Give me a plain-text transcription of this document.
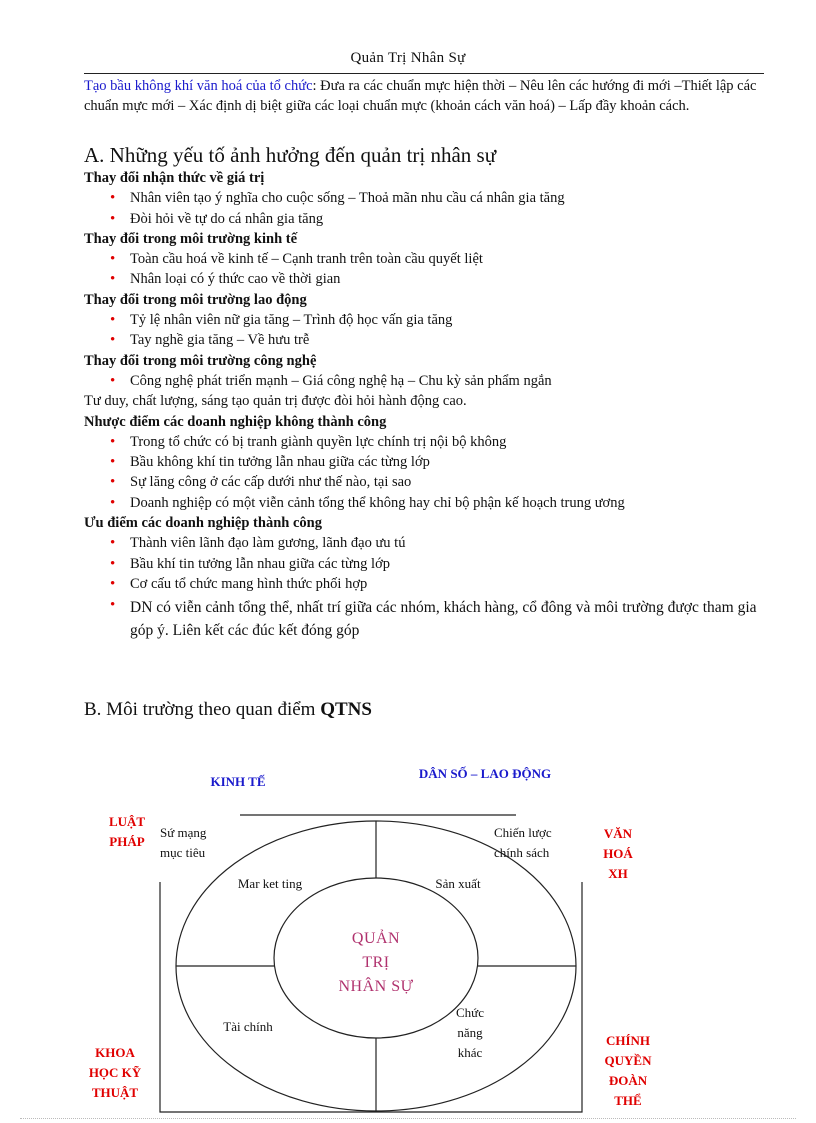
Quản Trị Nhân Sự
Tạo bầu không khí văn hoá của tổ chức: Đưa ra các chuẩn mực hiện thời – Nêu lên các hướng đi mới –Thiết lập các chuẩn mực mới – Xác định dị biệt giữa các loại chuẩn mực (khoản cách văn hoá) – Lấp đầy khoản cách.
A. Những yếu tố ảnh hưởng đến quản trị nhân sự
Thay đổi nhận thức về giá trị
• Nhân viên tạo ý nghĩa cho cuộc sống – Thoả mãn nhu cầu cá nhân gia tăng
• Đòi hỏi về tự do cá nhân gia tăng
Thay đổi trong môi trường kinh tế
• Toàn cầu hoá về kinh tế – Cạnh tranh trên toàn cầu quyết liệt
• Nhân loại có ý thức cao về thời gian
Thay đổi trong môi trường lao động
• Tỷ lệ nhân viên nữ gia tăng – Trình độ học vấn gia tăng
• Tay nghề gia tăng – Về hưu trễ
Thay đổi trong môi trường công nghệ
• Công nghệ phát triển mạnh – Giá công nghệ hạ – Chu kỳ sản phẩm ngắn
Tư duy, chất lượng, sáng tạo quản trị được đòi hỏi hành động cao.
Nhược điểm các doanh nghiệp không thành công
• Trong tổ chức có bị tranh giành quyền lực chính trị nội bộ không
• Bầu không khí tin tưởng lẫn nhau giữa các từng lớp
• Sự lăng công ở các cấp dưới như thế nào, tại sao
• Doanh nghiệp có một viễn cảnh tổng thể không hay chỉ bộ phận kế hoạch trung ương
Ưu điểm các doanh nghiệp thành công
• Thành viên lãnh đạo làm gương, lãnh đạo ưu tú
• Bầu khí tin tưởng lẫn nhau giữa các từng lớp
• Cơ cấu tổ chức mang hình thức phối hợp
• DN có viễn cảnh tổng thể, nhất trí giữa các nhóm, khách hàng, cổ đông và môi trường được tham gia góp ý. Liên kết các đúc kết đóng góp
B. Môi trường theo quan điểm QTNS
KINH TẾ
DÂN SỐ – LAO ĐỘNG
LUẬT
PHÁP
VĂN
HOÁ
XH
KHOA
HỌC KỸ
THUẬT
CHÍNH
QUYỀN
ĐOÀN
THỂ
Sứ mạng
mục tiêu
Chiến lược
chính sách
Mar ket ting	Sản xuất
Tài chính
Chức
năng
khác
QUẢN
TRỊ
NHÂN SỰ
